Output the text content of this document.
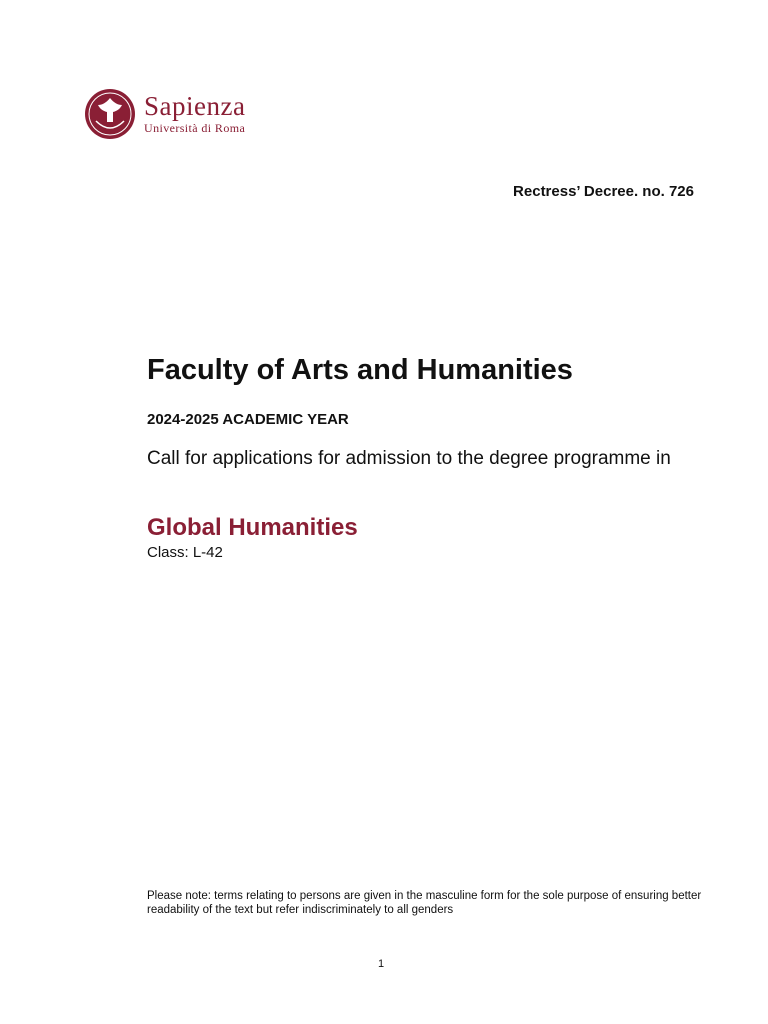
Sapienza
Università di Roma
Rectress’ Decree. no. 726
Faculty of Arts and Humanities
2024-2025 ACADEMIC YEAR
Call for applications for admission to the degree programme in
Global Humanities
Class: L-42
Please note: terms relating to persons are given in the masculine form for the sole purpose of ensuring better readability of the text but refer indiscriminately to all genders
1
